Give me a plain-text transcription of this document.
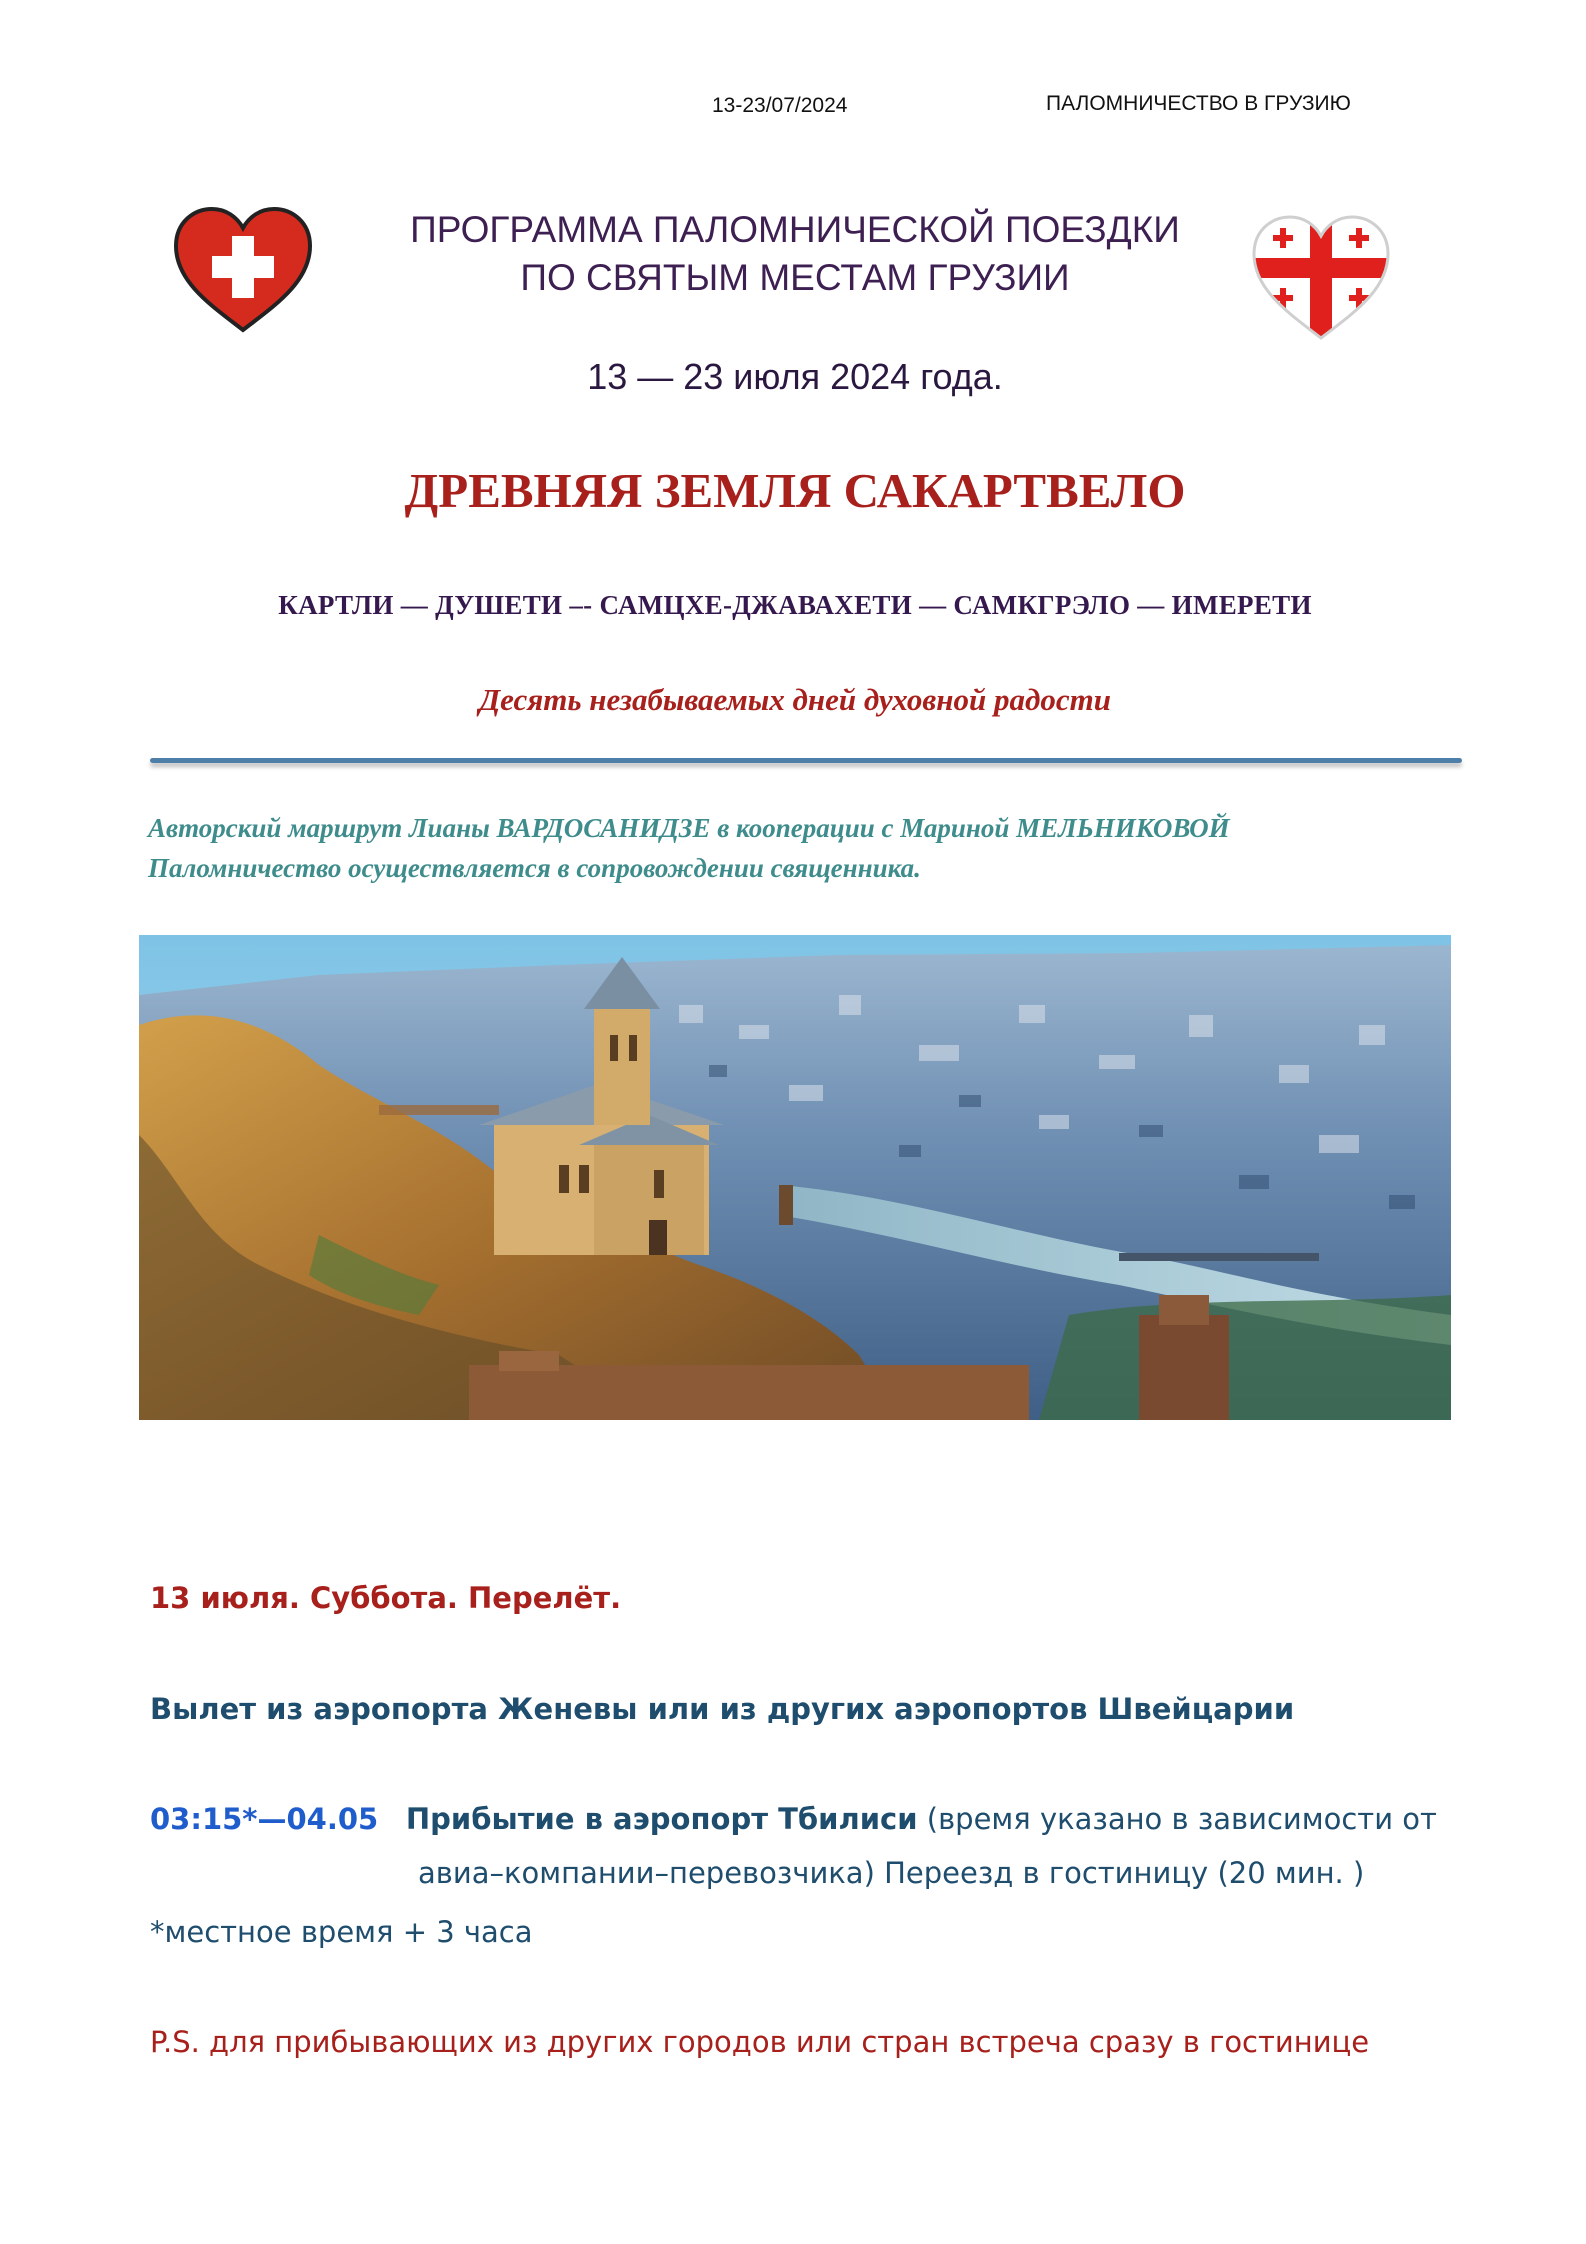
13-23/07/2024	ПАЛОМНИЧЕСТВО В ГРУЗИЮ
ПРОГРАММА ПАЛОМНИЧЕСКОЙ ПОЕЗДКИ
ПО СВЯТЫМ МЕСТАМ ГРУЗИИ
13 — 23 июля 2024 года.
ДРЕВНЯЯ ЗЕМЛЯ САКАРТВЕЛО
КАРТЛИ — ДУШЕТИ –- САМЦХЕ-ДЖАВАХЕТИ — САМКГРЭЛО — ИМЕРЕТИ
Десять незабываемых дней духовной радости
Авторский маршрут Лианы ВАРДОСАНИДЗЕ в кооперации с Мариной МЕЛЬНИКОВОЙ
Паломничество осуществляется в сопровождении священника.
13 июля. Суббота. Перелёт.
Вылет из аэропорта Женевы или из других аэропортов Швейцарии
03:15*—04.05 Прибытие в аэропорт Тбилиси (время указано в зависимости от
авиа–компании–перевозчика) Переезд в гостиницу (20 мин. )
*местное время + 3 часа
P.S. для прибывающих из других городов или стран встреча сразу в гостинице
